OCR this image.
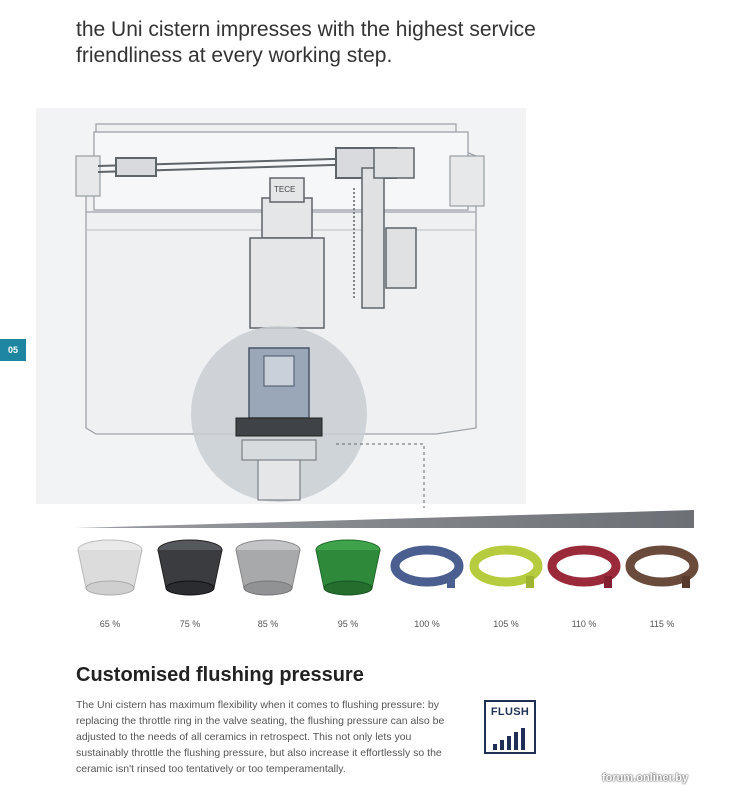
the Uni cistern impresses with the highest service friendliness at every working step.
05
TECE
65 %	75 %	85 %	95 %	100 %	105 %	110 %	115 %
Customised flushing pressure
The Uni cistern has maximum flexibility when it comes to flushing pressure: by replacing the throttle ring in the valve seating, the flushing pressure can also be adjusted to the needs of all ceramics in retrospect. This not only lets you sustainably throttle the flushing pressure, but also increase it effortlessly so the ceramic isn't rinsed too tentatively or too temperamentally.
FLUSH
forum.onliner.by
